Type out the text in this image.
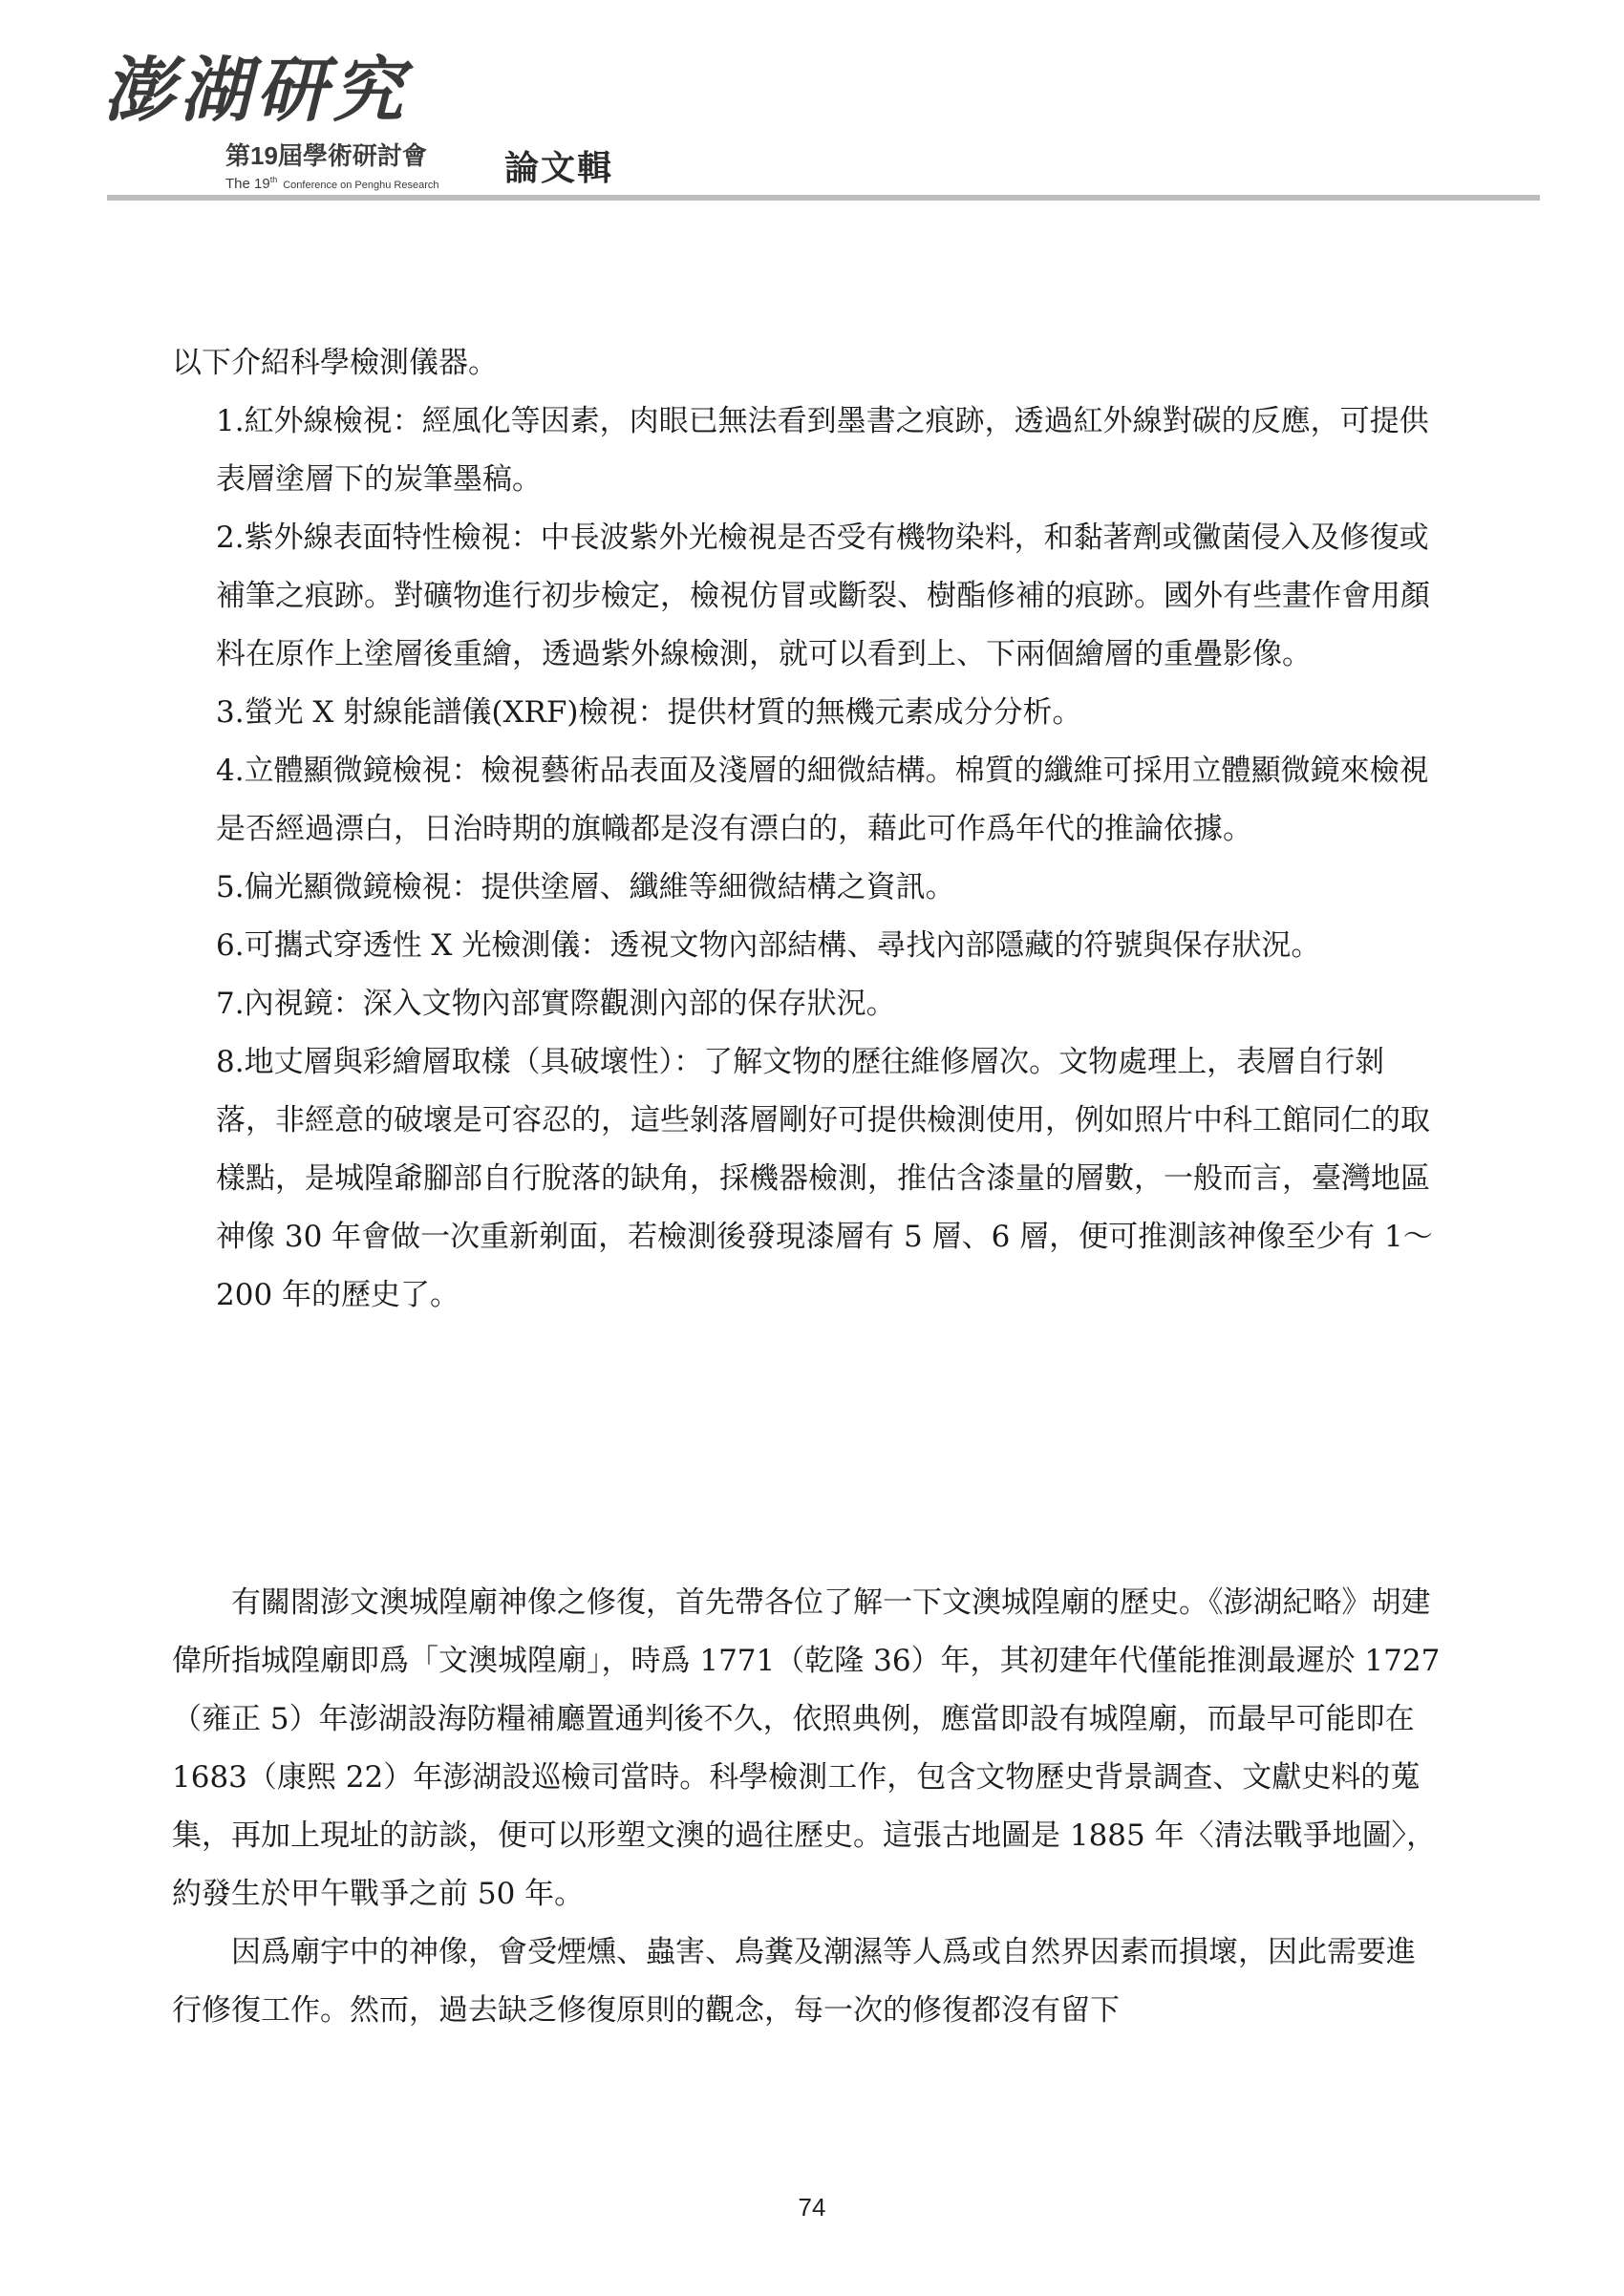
澎湖研究
第19屆學術研討會
The 19th Conference on Penghu Research 論文輯

以下介紹科學檢測儀器。

1.紅外線檢視：經風化等因素，肉眼已無法看到墨書之痕跡，透過紅外線對碳的反應，可提供表層塗層下的炭筆墨稿。
2.紫外線表面特性檢視：中長波紫外光檢視是否受有機物染料，和黏著劑或黴菌侵入及修復或補筆之痕跡。對礦物進行初步檢定，檢視仿冒或斷裂、樹酯修補的痕跡。國外有些畫作會用顏料在原作上塗層後重繪，透過紫外線檢測，就可以看到上、下兩個繪層的重疊影像。
3.螢光 X 射線能譜儀(XRF)檢視：提供材質的無機元素成分分析。
4.立體顯微鏡檢視：檢視藝術品表面及淺層的細微結構。棉質的纖維可採用立體顯微鏡來檢視是否經過漂白，日治時期的旗幟都是沒有漂白的，藉此可作爲年代的推論依據。
5.偏光顯微鏡檢視：提供塗層、纖維等細微結構之資訊。
6.可攜式穿透性 X 光檢測儀：透視文物內部結構、尋找內部隱藏的符號與保存狀況。
7.內視鏡：深入文物內部實際觀測內部的保存狀況。
8.地丈層與彩繪層取樣（具破壞性）：了解文物的歷往維修層次。文物處理上，表層自行剝落，非經意的破壞是可容忍的，這些剝落層剛好可提供檢測使用，例如照片中科工館同仁的取樣點，是城隍爺腳部自行脫落的缺角，採機器檢測，推估含漆量的層數，一般而言，臺灣地區神像 30 年會做一次重新剃面，若檢測後發現漆層有 5 層、6 層，便可推測該神像至少有 1～200 年的歷史了。

有關閤澎文澳城隍廟神像之修復，首先帶各位了解一下文澳城隍廟的歷史。《澎湖紀略》胡建偉所指城隍廟即爲「文澳城隍廟」，時爲 1771（乾隆 36）年，其初建年代僅能推測最遲於 1727（雍正 5）年澎湖設海防糧補廳置通判後不久，依照典例，應當即設有城隍廟，而最早可能即在 1683（康熙 22）年澎湖設巡檢司當時。科學檢測工作，包含文物歷史背景調查、文獻史料的蒐集，再加上現址的訪談，便可以形塑文澳的過往歷史。這張古地圖是 1885 年〈清法戰爭地圖〉，約發生於甲午戰爭之前 50 年。

因爲廟宇中的神像，會受煙燻、蟲害、鳥糞及潮濕等人爲或自然界因素而損壞，因此需要進行修復工作。然而，過去缺乏修復原則的觀念，每一次的修復都沒有留下

74
